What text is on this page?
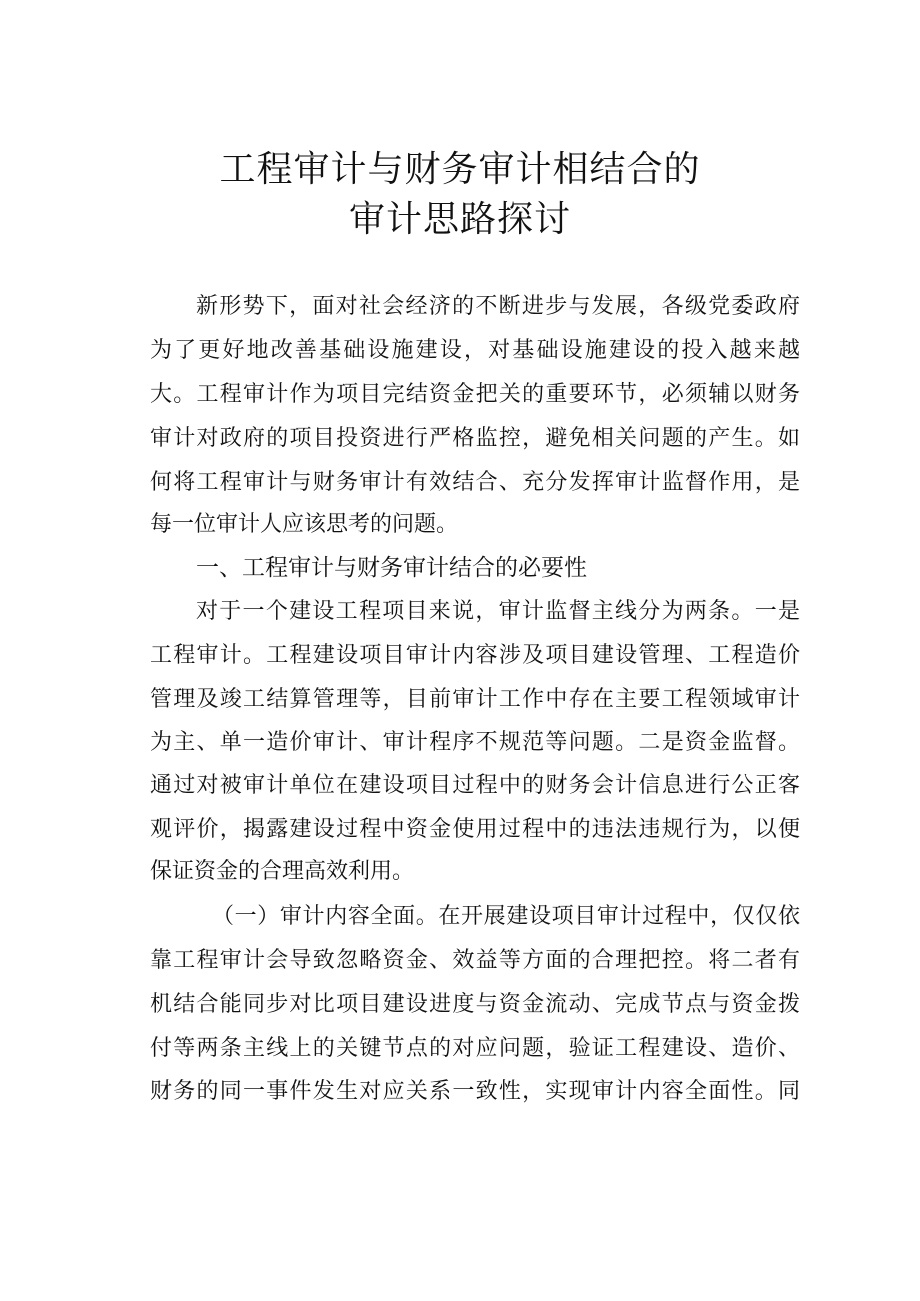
工程审计与财务审计相结合的
审计思路探讨

新形势下，面对社会经济的不断进步与发展，各级党委政府

为了更好地改善基础设施建设，对基础设施建设的投入越来越

大。工程审计作为项目完结资金把关的重要环节，必须辅以财务

审计对政府的项目投资进行严格监控，避免相关问题的产生。如

何将工程审计与财务审计有效结合、充分发挥审计监督作用，是

每一位审计人应该思考的问题。

一、工程审计与财务审计结合的必要性

对于一个建设工程项目来说，审计监督主线分为两条。一是

工程审计。工程建设项目审计内容涉及项目建设管理、工程造价

管理及竣工结算管理等，目前审计工作中存在主要工程领域审计

为主、单一造价审计、审计程序不规范等问题。二是资金监督。

通过对被审计单位在建设项目过程中的财务会计信息进行公正客

观评价，揭露建设过程中资金使用过程中的违法违规行为，以便

保证资金的合理高效利用。

（一）审计内容全面。在开展建设项目审计过程中，仅仅依

靠工程审计会导致忽略资金、效益等方面的合理把控。将二者有

机结合能同步对比项目建设进度与资金流动、完成节点与资金拨

付等两条主线上的关键节点的对应问题，验证工程建设、造价、

财务的同一事件发生对应关系一致性，实现审计内容全面性。同
